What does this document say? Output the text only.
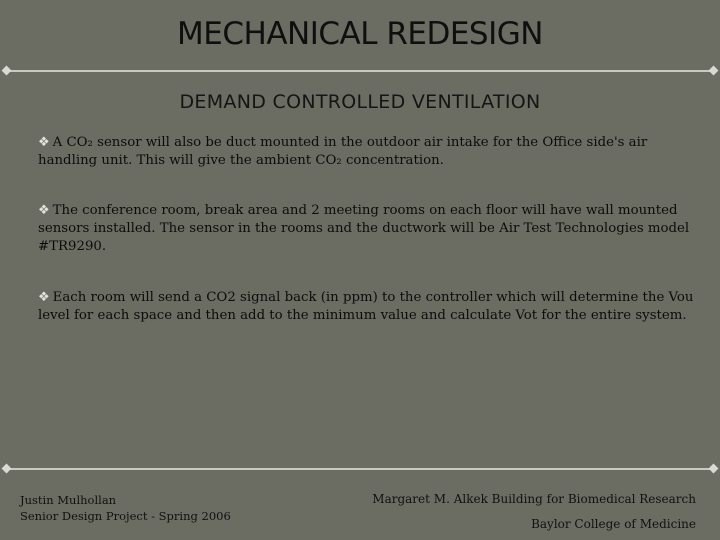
MECHANICAL REDESIGN
DEMAND CONTROLLED VENTILATION
❖ A CO₂ sensor will also be duct mounted in the outdoor air intake for the Office side's air handling unit. This will give the ambient CO₂ concentration.
❖ The conference room, break area and 2 meeting rooms on each floor will have wall mounted sensors installed. The sensor in the rooms and the ductwork will be Air Test Technologies model #TR9290.
❖ Each room will send a CO2 signal back (in ppm) to the controller which will determine the Vou level for each space and then add to the minimum value and calculate Vot for the entire system.
Justin Mulhollan
Senior Design Project - Spring 2006
Margaret M. Alkek Building for Biomedical Research
Baylor College of Medicine
